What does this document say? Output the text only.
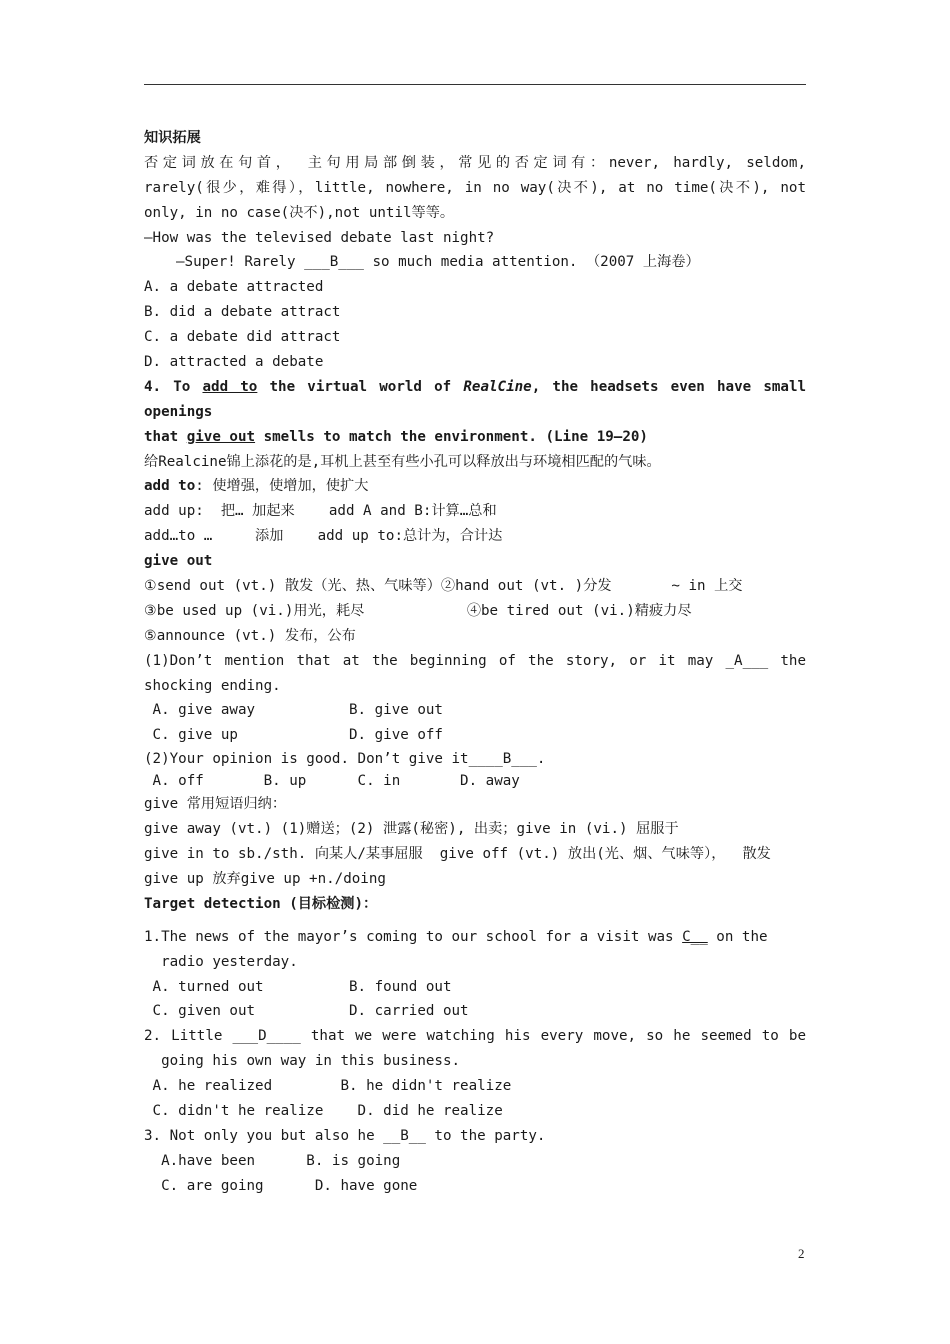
知识拓展
否定词放在句首， 主句用局部倒装，常见的否定词有：never, hardly, seldom,
rarely(很少，难得），little, nowhere, in no way(决不), at no time(决不), not
only, in no case(决不),not until等等。
—How was the televised debate last night?
—Super! Rarely ___B___ so much media attention. （2007 上海卷）
A. a debate attracted
B. did a debate attract
C. a debate did attract
D. attracted a debate
4. To add to the virtual world of RealCine, the headsets even have small
openings
that give out smells to match the environment. (Line 19—20)
给Realcine锦上添花的是,耳机上甚至有些小孔可以释放出与环境相匹配的气味。
add to: 使增强，使增加，使扩大
add up:  把… 加起来    add A and B:计算…总和
add…to …     添加    add up to:总计为，合计达
give out
①send out (vt.) 散发（光、热、气味等）②hand out (vt. )分发       ~ in 上交
③be used up (vi.)用光，耗尽            ④be tired out (vi.)精疲力尽
⑤announce (vt.) 发布，公布
(1)Don’t mention that at the beginning of the story, or it may _A___ the
shocking ending.
A. give away           B. give out
C. give up             D. give off
(2)Your opinion is good. Don’t give it____B___.
A. off       B. up      C. in       D. away
give 常用短语归纳：
give away (vt.) (1)赠送；(2) 泄露(秘密), 出卖；give in (vi.) 屈服于
give in to sb./sth. 向某人/某事屈服  give off (vt.) 放出(光、烟、气味等），  散发
give up 放弃give up +n./doing
Target detection (目标检测)：
1.The news of the mayor’s coming to our school for a visit was C__ on the
radio yesterday.
A. turned out          B. found out
C. given out           D. carried out
2. Little ___D____ that we were watching his every move, so he seemed to be
going his own way in this business.
A. he realized        B. he didn't realize
C. didn't he realize    D. did he realize
3. Not only you but also he __B__ to the party.
A.have been      B. is going
C. are going      D. have gone
2
